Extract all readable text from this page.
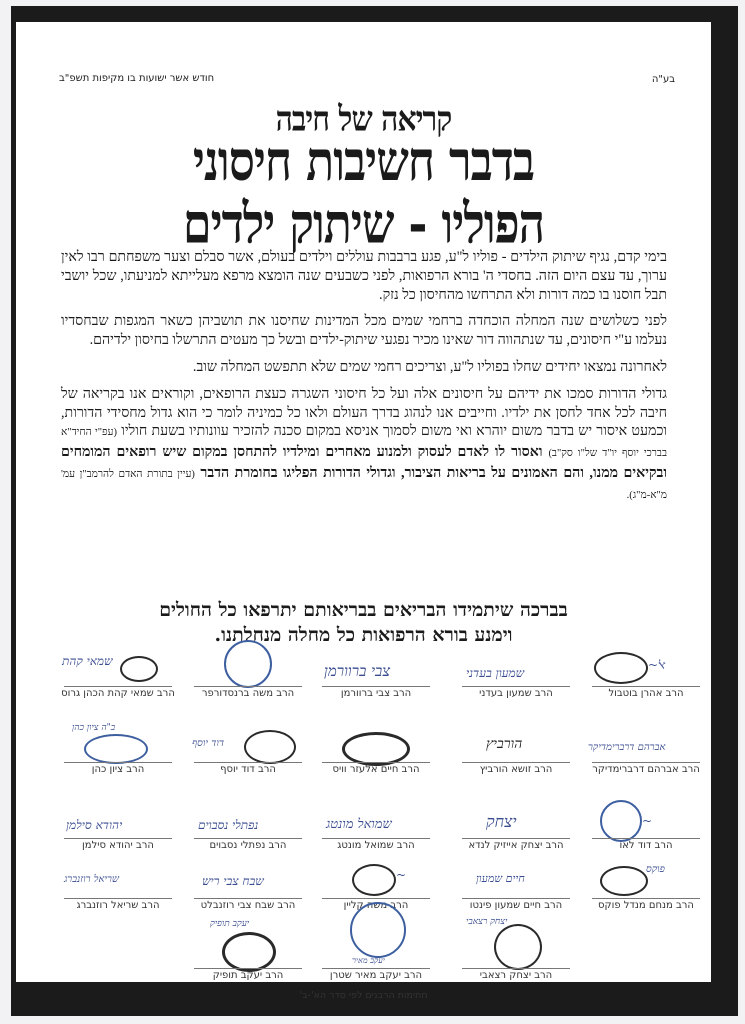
בע"ה
חודש אשר ישועות בו מקיפות תשפ"ב
קריאה של חיבה
בדבר חשיבות חיסוני
הפוליו - שיתוק ילדים

בימי קדם, נגיף שיתוק הילדים - פוליו ל"ע, פגע ברבבות עוללים וילדים בעולם, אשר סבלם וצער משפחתם רבו לאין ערוך, עד עצם היום הזה. בחסדי ה' בורא הרפואות, לפני כשבעים שנה הומצא מרפא מעלייתא למניעתו, שכל יושבי תבל חוסנו בו כמה דורות ולא התרחשו מהחיסון כל נזק.

לפני כשלושים שנה המחלה הוכחדה ברחמי שמים מכל המדינות שחיסנו את תושביהן כשאר המגפות שבחסדיו נעלמו ע"י חיסונים, עד שנתהווה דור שאינו מכיר נפגעי שיתוק-ילדים ובשל כך מעטים התרשלו בחיסון ילדיהם.

לאחרונה נמצאו יחידים שחלו בפוליו ל"ע, וצריכים רחמי שמים שלא תתפשט המחלה שוב.

גדולי הדורות סמכו את ידיהם על חיסונים אלה ועל כל חיסוני השגרה כעצת הרופאים, וקוראים אנו בקריאה של חיבה לכל אחד לחסן את ילדיו. וחייבים אנו לנהוג בדרך העולם ולאו כל כמיניה לומר כי הוא גדול מחסידי הדורות, וכמעט איסור יש בדבר משום יוהרא ואי משום לסמוך אניסא במקום סכנה להזכיר עוונותיו בשעת חוליו (עפ"י החיד"א בברכי יוסף יו"ד של"ו סק"ב) ואסור לו לאדם לעסוק ולמנוע מאחרים ומילדיו להתחסן במקום שיש רופאים המומחים ובקיאים ממנו, והם האמונים על בריאות הציבור, וגדולי הדורות הפליגו בחומרת הדבר (עיין בתורת האדם להרמב"ן עמ' מ"א-מ"ג).

בברכה שיתמידו הבריאים בבריאותם יתרפאו כל החולים
וימנע בורא הרפואות כל מחלה מנחלתנו.
ﭏ~
הרב אהרן בוטבול
שמעון בעדני
הרב שמעון בעדני
צבי ברוורמן
הרב צבי ברוורמן
הרב משה ברנסדורפר
שמאי קהת
הרב שמאי קהת הכהן גרוס
אברהם דרברימדיקר
הרב אברהם דרברימדיקר
הורביץ
הרב זושא הורביץ
הרב חיים אלעזר וויס
דוד יוסף
הרב דוד יוסף
ב"ה ציון כהן
הרב ציון כהן
~
הרב דוד לאו
יצחק
הרב יצחק אייזיק לנדא
שמואל מונטג
הרב שמואל מונטג
נפתלי נסבוים
הרב נפתלי נסבוים
יהודא סילמן
הרב יהודא סילמן
פוקס
הרב מנחם מנדל פוקס
חיים שמעון
הרב חיים שמעון פינטו
~
הרב משה קליין
שבח צבי ריש
הרב שבח צבי רוזנבלט
שריאל רוזנברג
הרב שריאל רוזנברג
יצחק רצאבי
הרב יצחק רצאבי
יעקב מאיר
הרב יעקב מאיר שטרן
יעקב תופיק
הרב יעקב תופיק
חתימות הרבנים לפי סדר הא'-ב'
